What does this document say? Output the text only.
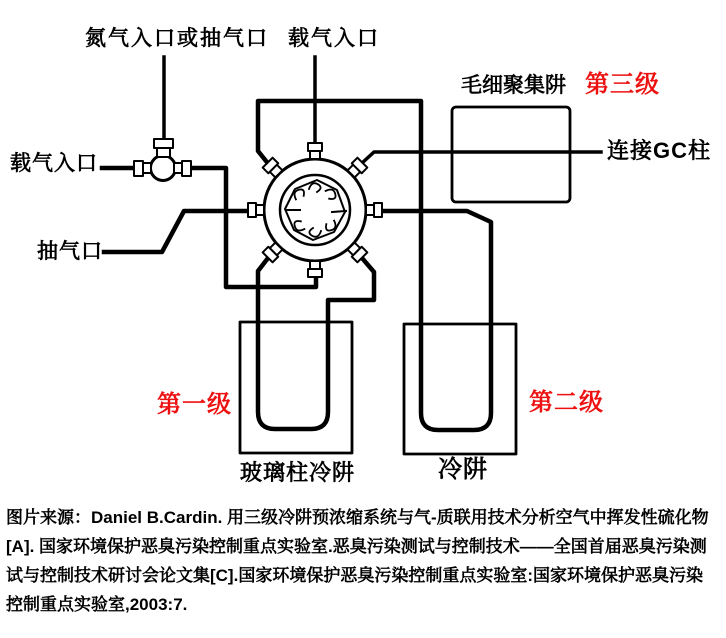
氮气入口或抽气口 载气入口
载气入口
抽气口
毛细聚集阱 第三级
连接GC柱
第一级	第二级
玻璃柱冷阱	冷阱
图片来源：Daniel B.Cardin. 用三级冷阱预浓缩系统与气-质联用技术分析空气中挥发性硫化物
[A]. 国家环境保护恶臭污染控制重点实验室.恶臭污染测试与控制技术——全国首届恶臭污染测
试与控制技术研讨会论文集[C].国家环境保护恶臭污染控制重点实验室:国家环境保护恶臭污染
控制重点实验室,2003:7.
